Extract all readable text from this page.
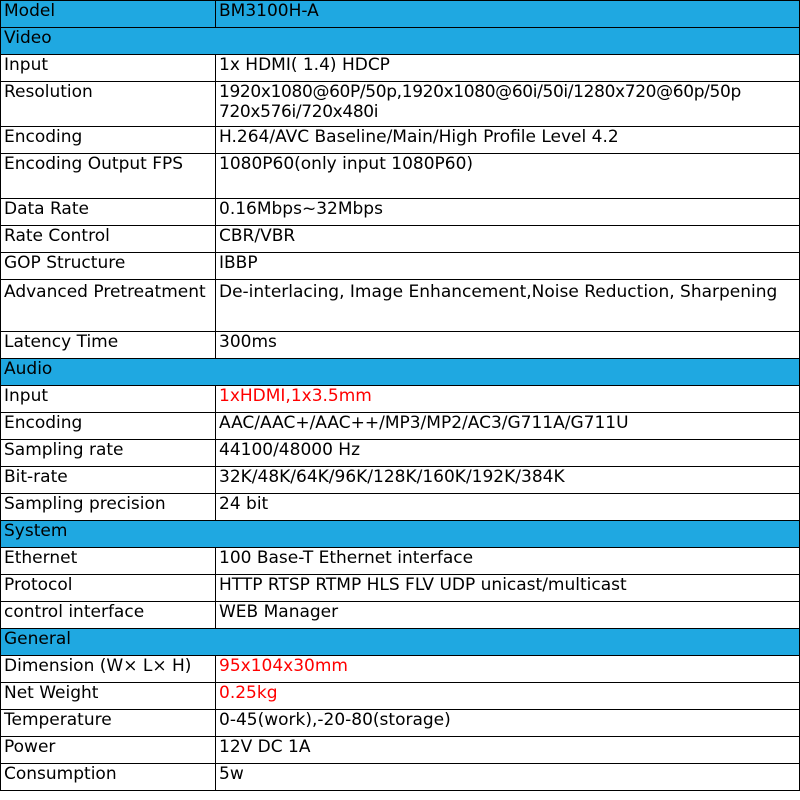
Model	BM3100H-A
Video	
Input	1x HDMI( 1.4) HDCP
Resolution	1920x1080@60P/50p,1920x1080@60i/50i/1280x720@60p/50p 720x576i/720x480i
Encoding	H.264/AVC Baseline/Main/High Profile Level 4.2
Encoding Output FPS	1080P60(only input 1080P60)
Data Rate	0.16Mbps~32Mbps
Rate Control	CBR/VBR
GOP Structure	IBBP
Advanced Pretreatment	De-interlacing, Image Enhancement,Noise Reduction, Sharpening
Latency Time	300ms
Audio	
Input	1xHDMI,1x3.5mm
Encoding	AAC/AAC+/AAC++/MP3/MP2/AC3/G711A/G711U
Sampling rate	44100/48000 Hz
Bit-rate	32K/48K/64K/96K/128K/160K/192K/384K
Sampling precision	24 bit
System	
Ethernet	100 Base-T Ethernet interface
Protocol	HTTP RTSP RTMP HLS FLV UDP unicast/multicast
control interface	WEB Manager
General	
Dimension (W× L× H)	95x104x30mm
Net Weight	0.25kg
Temperature	0-45(work),-20-80(storage)
Power	12V DC 1A
Consumption	5w
